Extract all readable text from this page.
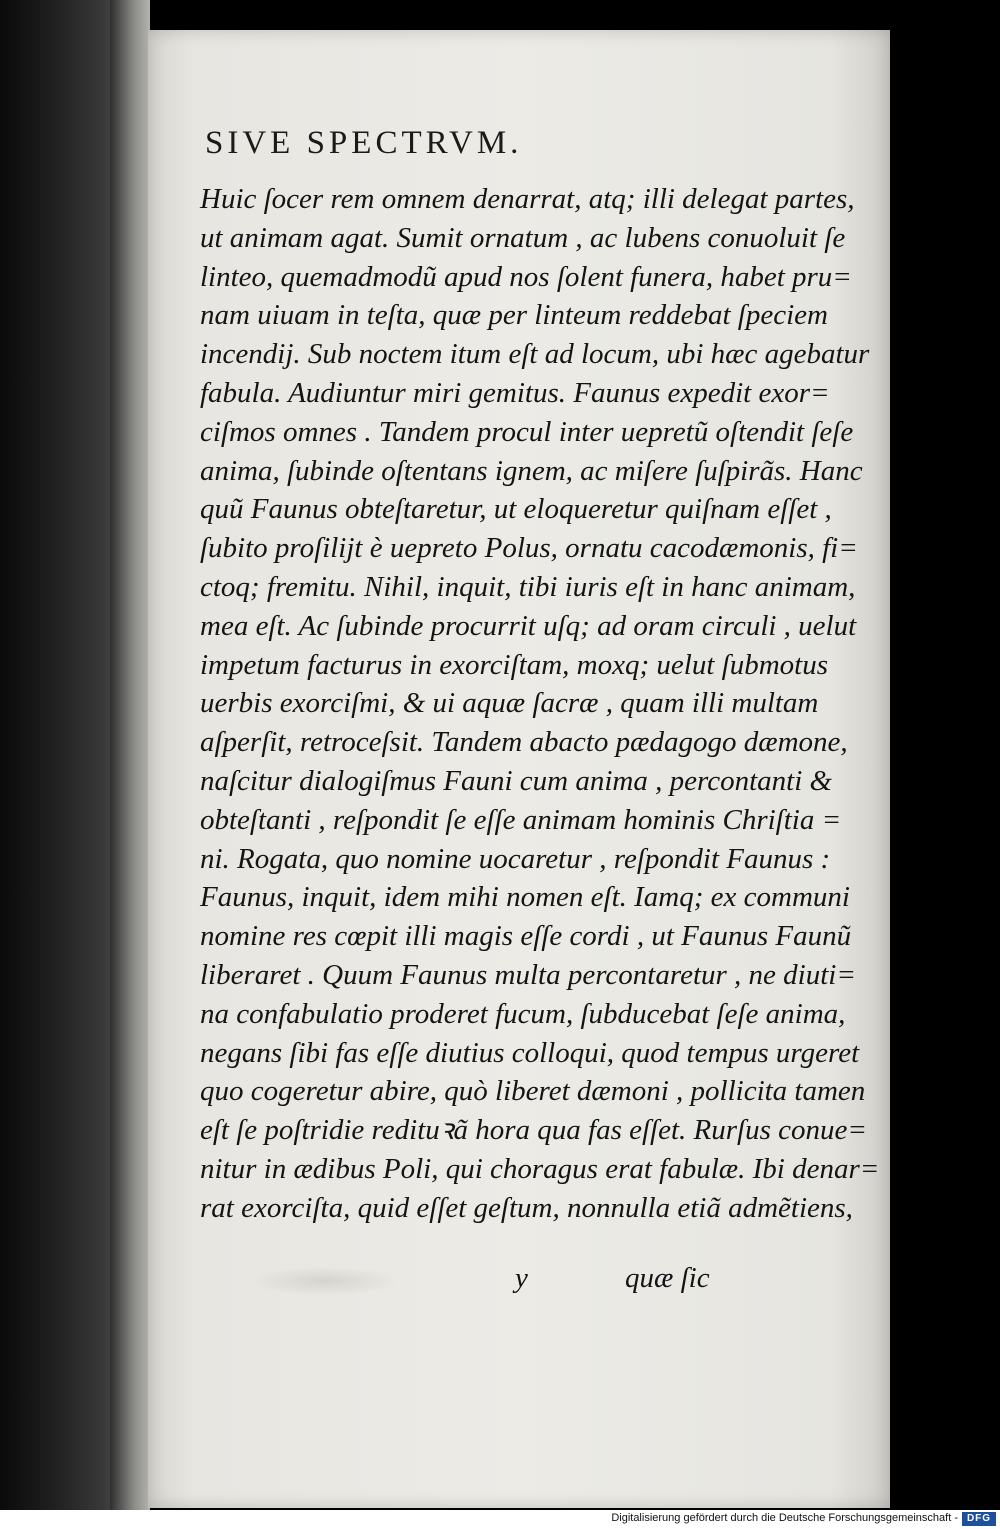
SIVE SPECTRVM.
Huic ſocer rem omnem denarrat, atq; illi delegat partes,
ut animam agat. Sumit ornatum , ac lubens conuoluit ſe
linteo, quemadmodũ apud nos ſolent funera, habet pru=
nam uiuam in teſta, quæ per linteum reddebat ſpeciem
incendij. Sub noctem itum eſt ad locum, ubi hæc agebatur
fabula. Audiuntur miri gemitus. Faunus expedit exor=
ciſmos omnes . Tandem procul inter uepretũ oſtendit ſeſe
anima, ſubinde oſtentans ignem, ac miſere ſuſpirãs. Hanc
quũ Faunus obteſtaretur, ut eloqueretur quiſnam eſſet ,
ſubito proſilijt è uepreto Polus, ornatu cacodæmonis, fi=
ctoq; fremitu. Nihil, inquit, tibi iuris eſt in hanc animam,
mea eſt. Ac ſubinde procurrit uſq; ad oram circuli , uelut
impetum facturus in exorciſtam, moxq; uelut ſubmotus
uerbis exorciſmi, & ui aquæ ſacræ , quam illi multam
aſperſit, retroceſsit. Tandem abacto pædagogo dæmone,
naſcitur dialogiſmus Fauni cum anima , percontanti &
obteſtanti , reſpondit ſe eſſe animam hominis Chriſtia =
ni. Rogata, quo nomine uocaretur , reſpondit Faunus :
Faunus, inquit, idem mihi nomen eſt. Iamq; ex communi
nomine res cœpit illi magis eſſe cordi , ut Faunus Faunũ
liberaret . Quum Faunus multa percontaretur , ne diuti=
na confabulatio proderet fucum, ſubducebat ſeſe anima,
negans ſibi fas eſſe diutius colloqui, quod tempus urgeret
quo cogeretur abire, quò liberet dæmoni , pollicita tamen
eſt ſe poſtridie redituꝛã hora qua fas eſſet. Rurſus conue=
nitur in ædibus Poli, qui choragus erat fabulæ. Ibi denar=
rat exorciſta, quid eſſet geſtum, nonnulla etiã admẽtiens,
y	quæ ſic
Digitalisierung gefördert durch die Deutsche Forschungsgemeinschaft - DFG
